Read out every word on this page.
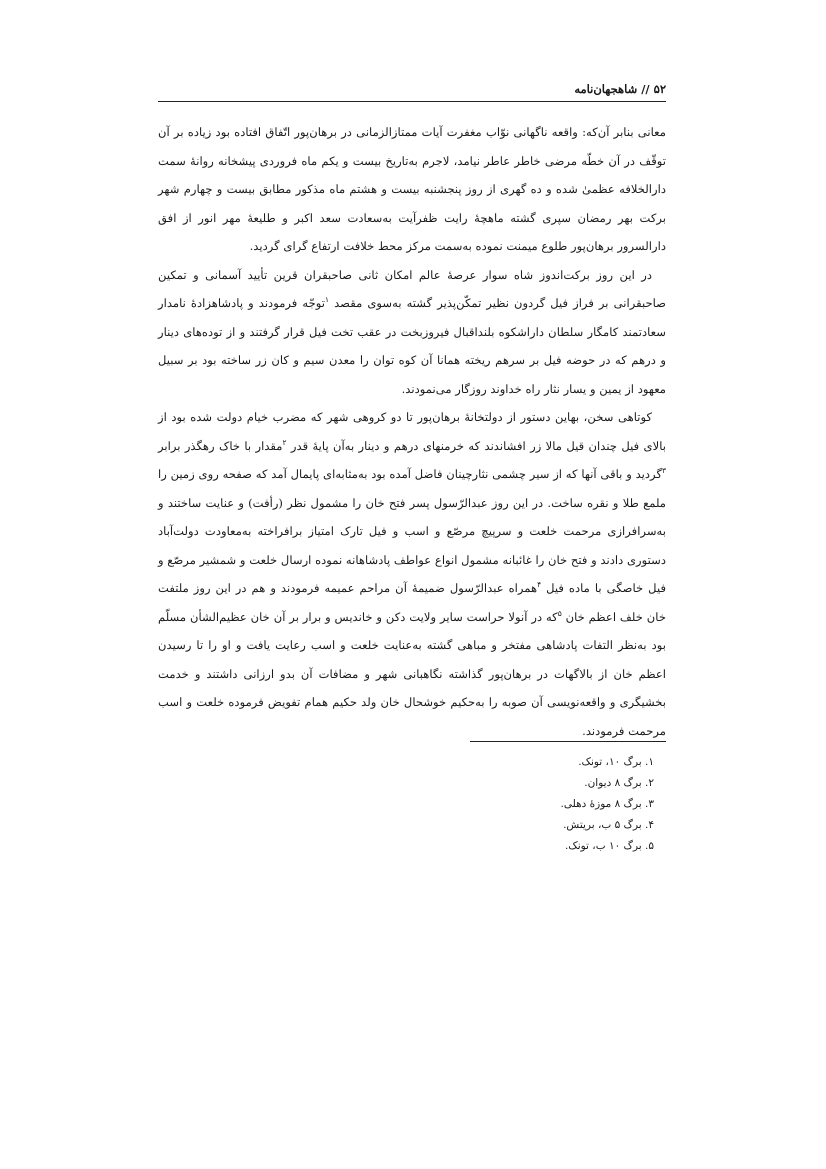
۵۲ // شاهجهان‌نامه

معانی بنابر آن‌که: واقعه ناگهانی نوّاب مغفرت آیات ممتازالزمانی در برهان‌پور اتّفاق افتاده بود زیاده بر آن توقّف در آن خطّه مرضی خاطر عاطر نیامد، لاجرم به‌تاریخ بیست و یکم ماه فروردی پیشخانه روانهٔ سمت دارالخلافه عظمیٰ شده و ده گهری از روز پنجشنبه بیست و هشتم ماه مذکور مطابق بیست و چهارم شهر برکت بهر رمضان سپری گشته ماهچهٔ رایت ظفرآیت به‌سعادت سعد اکبر و طلیعهٔ مهر انور از افق دارالسرور برهان‌پور طلوع میمنت نموده به‌سمت مرکز محط خلافت ارتفاع گرای گردید.

در این روز برکت‌اندوز شاه سوار عرصهٔ عالم امکان ثانی صاحبقران قرین تأیید آسمانی و تمکین صاحبقرانی بر فراز فیل گردون نظیر تمکّن‌پذیر گشته به‌سوی مقصد $^۱$توجّه فرمودند و پادشاهزادهٔ نامدار سعادتمند کامگار سلطان داراشکوه بلنداقبال فیروزبخت در عقب تخت فیل قرار گرفتند و از توده‌های دینار و درهم که در حوضه فیل بر سرهم ریخته همانا آن کوه توان را معدن سیم و کان زر ساخته بود بر سبیل معهود از یمین و یسار نثار راه خداوند روزگار می‌نمودند.

کوتاهی سخن، بهاین دستور از دولتخانهٔ برهان‌پور تا دو کروهی شهر که مضرب خیام دولت شده بود از بالای فیل چندان قیل مالا زر افشاندند که خرمنهای درهم و دینار به‌آن پایهٔ قدر $^۲$مقدار با خاک رهگذر برابر $^۳$گردید و باقی آنها که از سیر چشمی نثارچینان فاضل آمده بود به‌مثابه‌ای پایمال آمد که صفحه روی زمین را ملمع طلا و نقره ساخت. در این روز عبدالرّسول پسر فتح خان را مشمول نظر (رأفت) و عنایت ساختند و به‌سرافرازی مرحمت خلعت و سرپیچ مرصّع و اسب و فیل تارک امتیاز برافراخته به‌معاودت دولت‌آباد دستوری دادند و فتح خان را غائبانه مشمول انواع عواطف پادشاهانه نموده ارسال خلعت و شمشیر مرصّع و فیل خاصگی با ماده فیل $^۴$همراه عبدالرّسول ضمیمهٔ آن مراحم عمیمه فرمودند و هم در این روز ملتفت خان خلف اعظم خان $^۵$که در آنولا حراست سایر ولایت دکن و خاندیس و برار بر آن خان عظیم‌الشأن مسلّم بود به‌نظر التفات پادشاهی مفتخر و مباهی گشته به‌عنایت خلعت و اسب رعایت یافت و او را تا رسیدن اعظم خان از بالاگهات در برهان‌پور گذاشته نگاهبانی شهر و مضافات آن بدو ارزانی داشتند و خدمت بخشیگری و واقعه‌نویسی آن صوبه را به‌حکیم خوشحال خان ولد حکیم همام تفویض فرموده خلعت و اسب مرحمت فرمودند.

۱. برگ ۱۰، تونک.
۲. برگ ۸ دیوان.
۳. برگ ۸ موزهٔ دهلی.
۴. برگ ۵ ب، بریتش.
۵. برگ ۱۰ ب، تونک.
